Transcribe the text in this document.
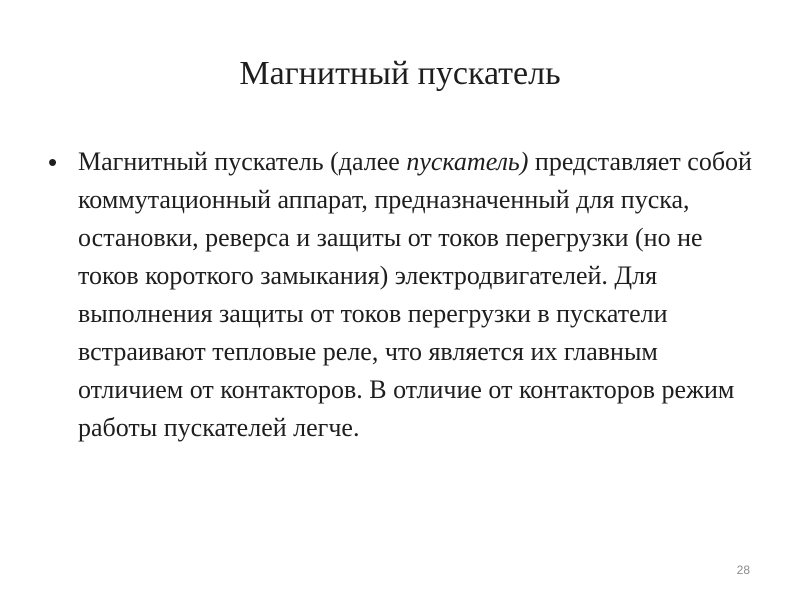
Магнитный пускатель
• Магнитный пускатель (далее пускатель) представляет собой коммутационный аппарат, предназначенный для пуска, остановки, реверса и защиты от токов перегрузки (но не токов короткого замыкания) электродвигателей. Для выполнения защиты от токов перегрузки в пускатели встраивают тепловые реле, что является их главным отличием от контакторов. В отличие от контакторов режим работы пускателей легче.
28
